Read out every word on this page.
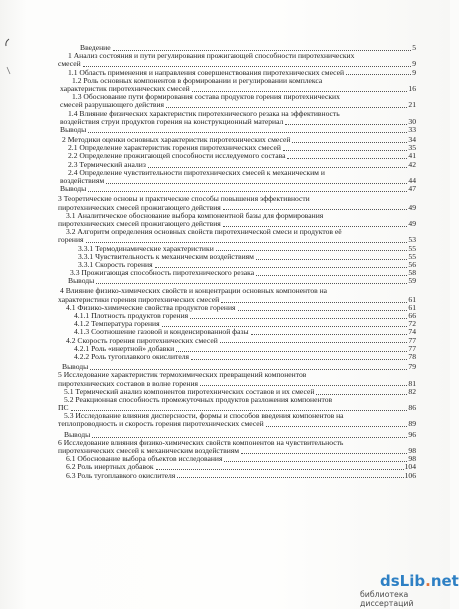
Введение	5
1 Анализ состояния и пути регулирования прожигающей способности пиротехнических
смесей	9
1.1 Область применения и направления совершенствования пиротехнических смесей	9
1.2 Роль основных компонентов в формировании и регулировании комплекса
характеристик пиротехнических смесей	16
1.3 Обоснование пути формирования состава продуктов горения пиротехнических
смесей разрушающего действия	21
1.4 Влияние физических характеристик пиротехнического резака на эффективность
воздействия струи продуктов горения на конструкционный материал	30
Выводы	33
2 Методики оценки основных характеристик пиротехнических смесей	34
2.1 Определение характеристик горения пиротехнических смесей	35
2.2 Определение прожигающей способности исследуемого состава	41
2.3 Термический анализ	42
2.4 Определение чувствительности пиротехнических смесей к механическим и
воздействиям	44
Выводы	47
3 Теоретические основы и практические способы повышения эффективности
пиротехнических смесей прожигающего действия	49
3.1 Аналитическое обоснование выбора компонентной базы для формирования
пиротехнических смесей прожигающего действия	49
3.2 Алгоритм определения основных свойств пиротехнической смеси и продуктов её
горения	53
3.3.1 Термодинамические характеристики	55
3.3.1 Чувствительность к механическим воздействиям	55
3.3.1 Скорость горения	56
3.3 Прожигающая способность пиротехнического резака	58
Выводы	59
4 Влияние физико-химических свойств и концентрации основных компонентов на
характеристики горения пиротехнических смесей	61
4.1 Физико-химические свойства продуктов горения	61
4.1.1 Плотность продуктов горения	66
4.1.2 Температура горения	72
4.1.3 Соотношение газовой и конденсированной фазы	74
4.2 Скорость горения пиротехнических смесей	77
4.2.1 Роль «инертной» добавки	77
4.2.2 Роль тугоплавкого окислителя	78
Выводы	79
5 Исследование характеристик термохимических превращений компонентов
пиротехнических составов в волне горения	81
5.1 Термический анализ компонентов пиротехнических составов и их смесей	82
5.2 Реакционная способность промежуточных продуктов разложения компонентов
ПС	86
5.3 Исследование влияния дисперсности, формы и способов введения компонентов на
теплопроводность и скорость горения пиротехнических смесей	89
Выводы	96
6 Исследование влияния физико-химических свойств компонентов на чувствительность
пиротехнических смесей к механическим воздействиям	98
6.1 Обоснование выбора объектов исследования	98
6.2 Роль инертных добавок	104
6.3 Роль тугоплавкого окислителя	106
dsLib.net
библиотека диссертаций
